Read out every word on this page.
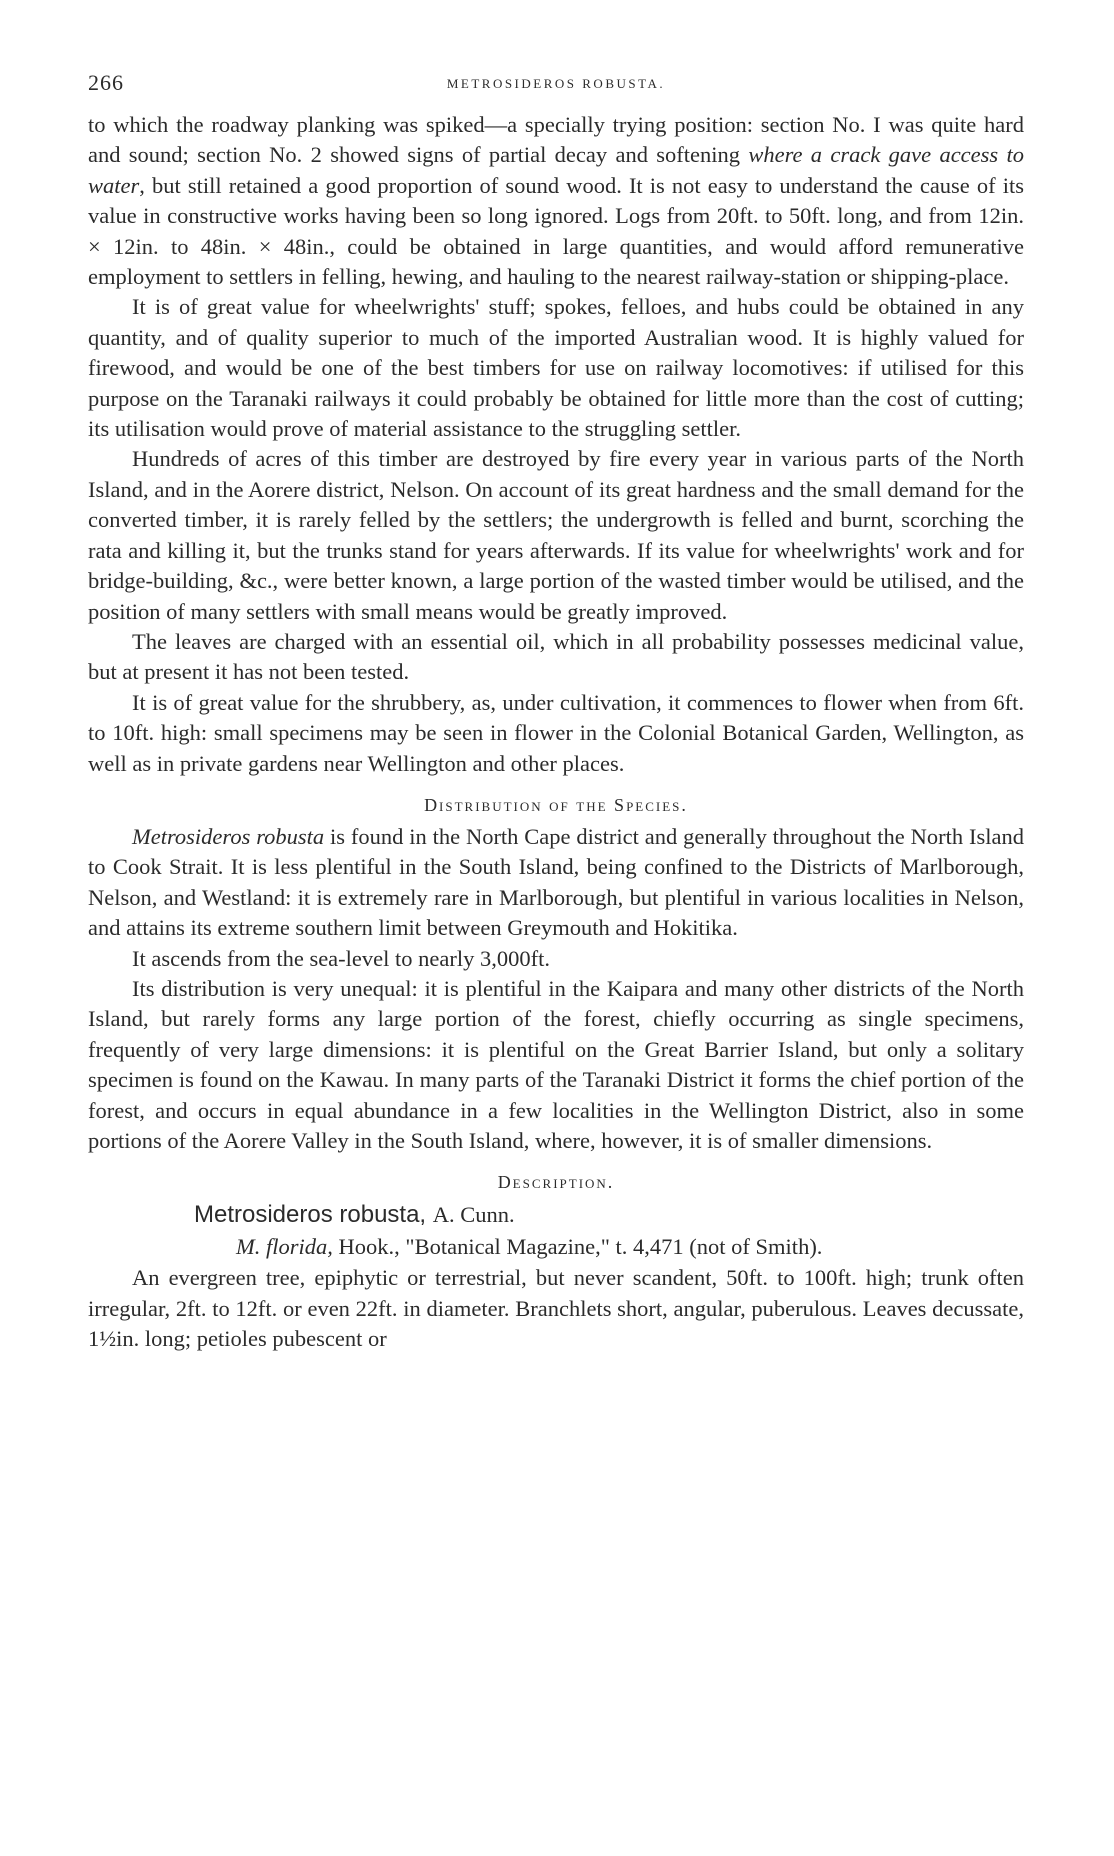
266	METROSIDEROS ROBUSTA.

to which the roadway planking was spiked—a specially trying position: section No. I was quite hard and sound; section No. 2 showed signs of partial decay and softening where a crack gave access to water, but still retained a good proportion of sound wood. It is not easy to understand the cause of its value in constructive works having been so long ignored. Logs from 20ft. to 50ft. long, and from 12in. × 12in. to 48in. × 48in., could be obtained in large quantities, and would afford remunerative employment to settlers in felling, hewing, and hauling to the nearest railway-station or shipping-place.

It is of great value for wheelwrights' stuff; spokes, felloes, and hubs could be obtained in any quantity, and of quality superior to much of the imported Australian wood. It is highly valued for firewood, and would be one of the best timbers for use on railway locomotives: if utilised for this purpose on the Taranaki railways it could probably be obtained for little more than the cost of cutting; its utilisation would prove of material assistance to the struggling settler.

Hundreds of acres of this timber are destroyed by fire every year in various parts of the North Island, and in the Aorere district, Nelson. On account of its great hardness and the small demand for the converted timber, it is rarely felled by the settlers; the undergrowth is felled and burnt, scorching the rata and killing it, but the trunks stand for years afterwards. If its value for wheelwrights' work and for bridge-building, &c., were better known, a large portion of the wasted timber would be utilised, and the position of many settlers with small means would be greatly improved.

The leaves are charged with an essential oil, which in all probability possesses medicinal value, but at present it has not been tested.

It is of great value for the shrubbery, as, under cultivation, it commences to flower when from 6ft. to 10ft. high: small specimens may be seen in flower in the Colonial Botanical Garden, Wellington, as well as in private gardens near Wellington and other places.

Distribution of the Species.

Metrosideros robusta is found in the North Cape district and generally throughout the North Island to Cook Strait. It is less plentiful in the South Island, being confined to the Districts of Marlborough, Nelson, and Westland: it is extremely rare in Marlborough, but plentiful in various localities in Nelson, and attains its extreme southern limit between Greymouth and Hokitika.

It ascends from the sea-level to nearly 3,000ft.

Its distribution is very unequal: it is plentiful in the Kaipara and many other districts of the North Island, but rarely forms any large portion of the forest, chiefly occurring as single specimens, frequently of very large dimensions: it is plentiful on the Great Barrier Island, but only a solitary specimen is found on the Kawau. In many parts of the Taranaki District it forms the chief portion of the forest, and occurs in equal abundance in a few localities in the Wellington District, also in some portions of the Aorere Valley in the South Island, where, however, it is of smaller dimensions.

Description.
Metrosideros robusta, A. Cunn.
M. florida, Hook., "Botanical Magazine," t. 4,471 (not of Smith).

An evergreen tree, epiphytic or terrestrial, but never scandent, 50ft. to 100ft. high; trunk often irregular, 2ft. to 12ft. or even 22ft. in diameter. Branchlets short, angular, puberulous. Leaves decussate, 1½in. long; petioles pubescent or
